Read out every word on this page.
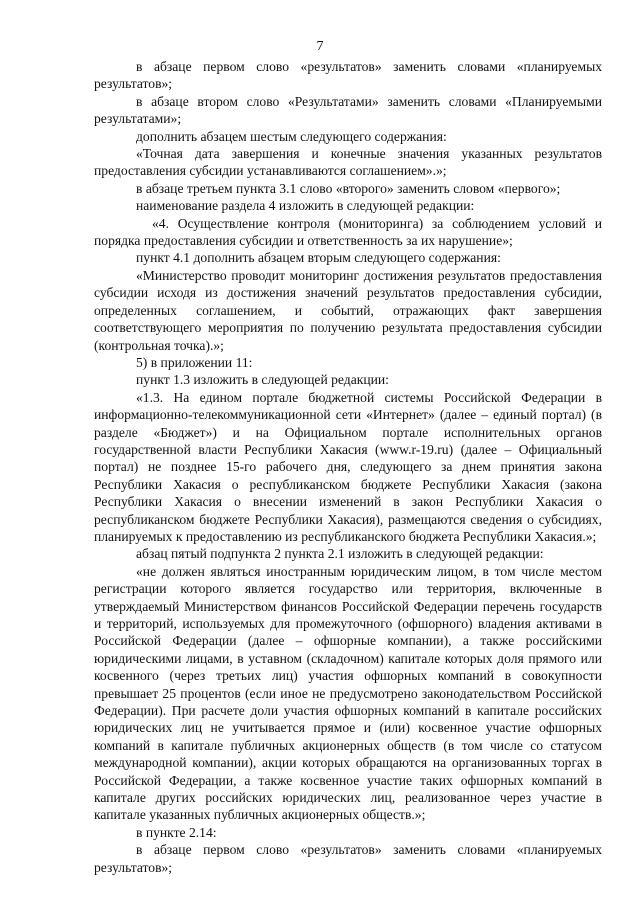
7

в абзаце первом слово «результатов» заменить словами «планируемых результатов»;

в абзаце втором слово «Результатами» заменить словами «Планируемыми результатами»;

дополнить абзацем шестым следующего содержания:

«Точная дата завершения и конечные значения указанных результатов предоставления субсидии устанавливаются соглашением».»;

в абзаце третьем пункта 3.1 слово «второго» заменить словом «первого»;

наименование раздела 4 изложить в следующей редакции:

«4. Осуществление контроля (мониторинга) за соблюдением условий и порядка предоставления субсидии и ответственность за их нарушение»;

пункт 4.1 дополнить абзацем вторым следующего содержания:

«Министерство проводит мониторинг достижения результатов предоставления субсидии исходя из достижения значений результатов предоставления субсидии, определенных соглашением, и событий, отражающих факт завершения соответствующего мероприятия по получению результата предоставления субсидии (контрольная точка).»;

5) в приложении 11:

пункт 1.3 изложить в следующей редакции:

«1.3. На едином портале бюджетной системы Российской Федерации в информационно-телекоммуникационной сети «Интернет» (далее – единый портал) (в разделе «Бюджет») и на Официальном портале исполнительных органов государственной власти Республики Хакасия (www.r-19.ru) (далее – Официальный портал) не позднее 15-го рабочего дня, следующего за днем принятия закона Республики Хакасия о республиканском бюджете Республики Хакасия (закона Республики Хакасия о внесении изменений в закон Республики Хакасия о республиканском бюджете Республики Хакасия), размещаются сведения о субсидиях, планируемых к предоставлению из республиканского бюджета Республики Хакасия.»;

абзац пятый подпункта 2 пункта 2.1 изложить в следующей редакции:

«не должен являться иностранным юридическим лицом, в том числе местом регистрации которого является государство или территория, включенные в утверждаемый Министерством финансов Российской Федерации перечень государств и территорий, используемых для промежуточного (офшорного) владения активами в Российской Федерации (далее – офшорные компании), а также российскими юридическими лицами, в уставном (складочном) капитале которых доля прямого или косвенного (через третьих лиц) участия офшорных компаний в совокупности превышает 25 процентов (если иное не предусмотрено законодательством Российской Федерации). При расчете доли участия офшорных компаний в капитале российских юридических лиц не учитывается прямое и (или) косвенное участие офшорных компаний в капитале публичных акционерных обществ (в том числе со статусом международной компании), акции которых обращаются на организованных торгах в Российской Федерации, а также косвенное участие таких офшорных компаний в капитале других российских юридических лиц, реализованное через участие в капитале указанных публичных акционерных обществ.»;

в пункте 2.14:

в абзаце первом слово «результатов» заменить словами «планируемых результатов»;
